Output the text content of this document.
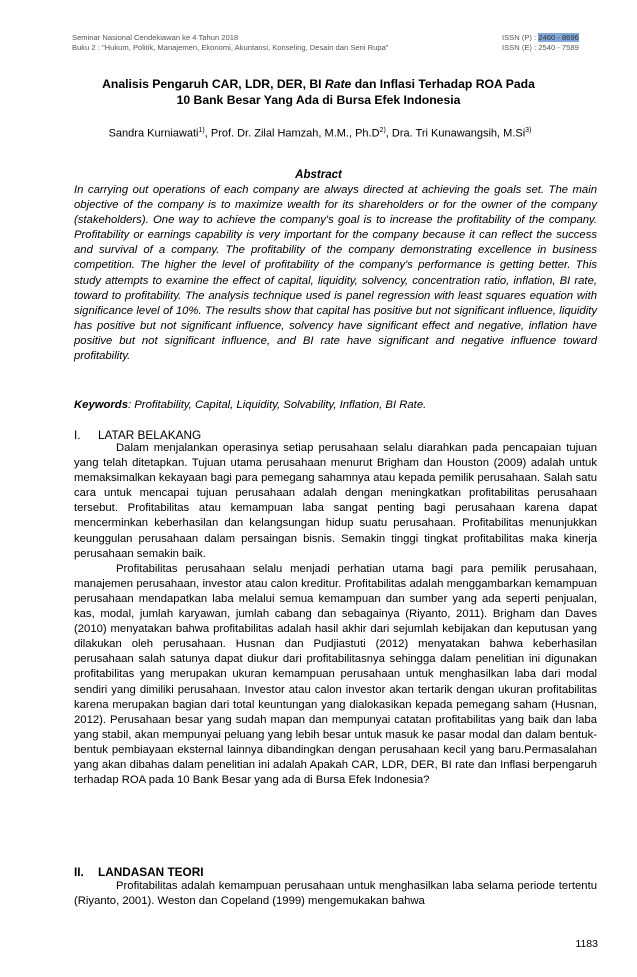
Seminar Nasional Cendekiawan ke 4 Tahun 2018
Buku 2 : "Hukum, Politik, Manajemen, Ekonomi, Akuntansi, Konseling, Desain dan Seni Rupa"
ISSN (P) : 2460 - 8696
ISSN (E) : 2540 - 7589
Analisis Pengaruh CAR, LDR, DER, BI Rate dan Inflasi Terhadap ROA Pada
10 Bank Besar Yang Ada di Bursa Efek Indonesia
Sandra Kurniawati$^{1)}$, Prof. Dr. Zilal Hamzah, M.M., $Ph.D^{2)}$, Dra. Tri Kunawangsih, M.Si$^{3)}$
Abstract
In carrying out operations of each company are always directed at achieving the goals set. The main objective of the company is to maximize wealth for its shareholders or for the owner of the company (stakeholders). One way to achieve the company's goal is to increase the profitability of the company. Profitability or earnings capability is very important for the company because it can reflect the success and survival of a company. The profitability of the company demonstrating excellence in business competition. The higher the level of profitability of the company's performance is getting better. This study attempts to examine the effect of capital, liquidity, solvency, concentration ratio, inflation, BI rate, toward to profitability. The analysis technique used is panel regression with least squares equation with significance level of 10%. The results show that capital has positive but not significant influence, liquidity has positive but not significant influence, solvency have significant effect and negative, inflation have positive but not significant influence, and BI rate have significant and negative influence toward profitability.
Keywords: Profitability, Capital, Liquidity, Solvability, Inflation, BI Rate.
I. LATAR BELAKANG

Dalam menjalankan operasinya setiap perusahaan selalu diarahkan pada pencapaian tujuan yang telah ditetapkan. Tujuan utama perusahaan menurut Brigham dan Houston (2009) adalah untuk memaksimalkan kekayaan bagi para pemegang sahamnya atau kepada pemilik perusahaan. Salah satu cara untuk mencapai tujuan perusahaan adalah dengan meningkatkan profitabilitas perusahaan tersebut. Profitabilitas atau kemampuan laba sangat penting bagi perusahaan karena dapat mencerminkan keberhasilan dan kelangsungan hidup suatu perusahaan. Profitabilitas menunjukkan keunggulan perusahaan dalam persaingan bisnis. Semakin tinggi tingkat profitabilitas maka kinerja perusahaan semakin baik.

Profitabilitas perusahaan selalu menjadi perhatian utama bagi para pemilik perusahaan, manajemen perusahaan, investor atau calon kreditur. Profitabilitas adalah menggambarkan kemampuan perusahaan mendapatkan laba melalui semua kemampuan dan sumber yang ada seperti penjualan, kas, modal, jumlah karyawan, jumlah cabang dan sebagainya (Riyanto, 2011). Brigham dan Daves (2010) menyatakan bahwa profitabilitas adalah hasil akhir dari sejumlah kebijakan dan keputusan yang dilakukan oleh perusahaan. Husnan dan Pudjiastuti (2012) menyatakan bahwa keberhasilan perusahaan salah satunya dapat diukur dari profitabilitasnya sehingga dalam penelitian ini digunakan profitabilitas yang merupakan ukuran kemampuan perusahaan untuk menghasilkan laba dari modal sendiri yang dimiliki perusahaan. Investor atau calon investor akan tertarik dengan ukuran profitabilitas karena merupakan bagian dari total keuntungan yang dialokasikan kepada pemegang saham (Husnan, 2012). Perusahaan besar yang sudah mapan dan mempunyai catatan profitabilitas yang baik dan laba yang stabil, akan mempunyai peluang yang lebih besar untuk masuk ke pasar modal dan dalam bentuk-bentuk pembiayaan eksternal lainnya dibandingkan dengan perusahaan kecil yang baru.Permasalahan yang akan dibahas dalam penelitian ini adalah Apakah CAR, LDR, DER, BI rate dan Inflasi berpengaruh terhadap ROA pada 10 Bank Besar yang ada di Bursa Efek Indonesia?

II. LANDASAN TEORI

Profitabilitas adalah kemampuan perusahaan untuk menghasilkan laba selama periode tertentu (Riyanto, 2001). Weston dan Copeland (1999) mengemukakan bahwa

1183
